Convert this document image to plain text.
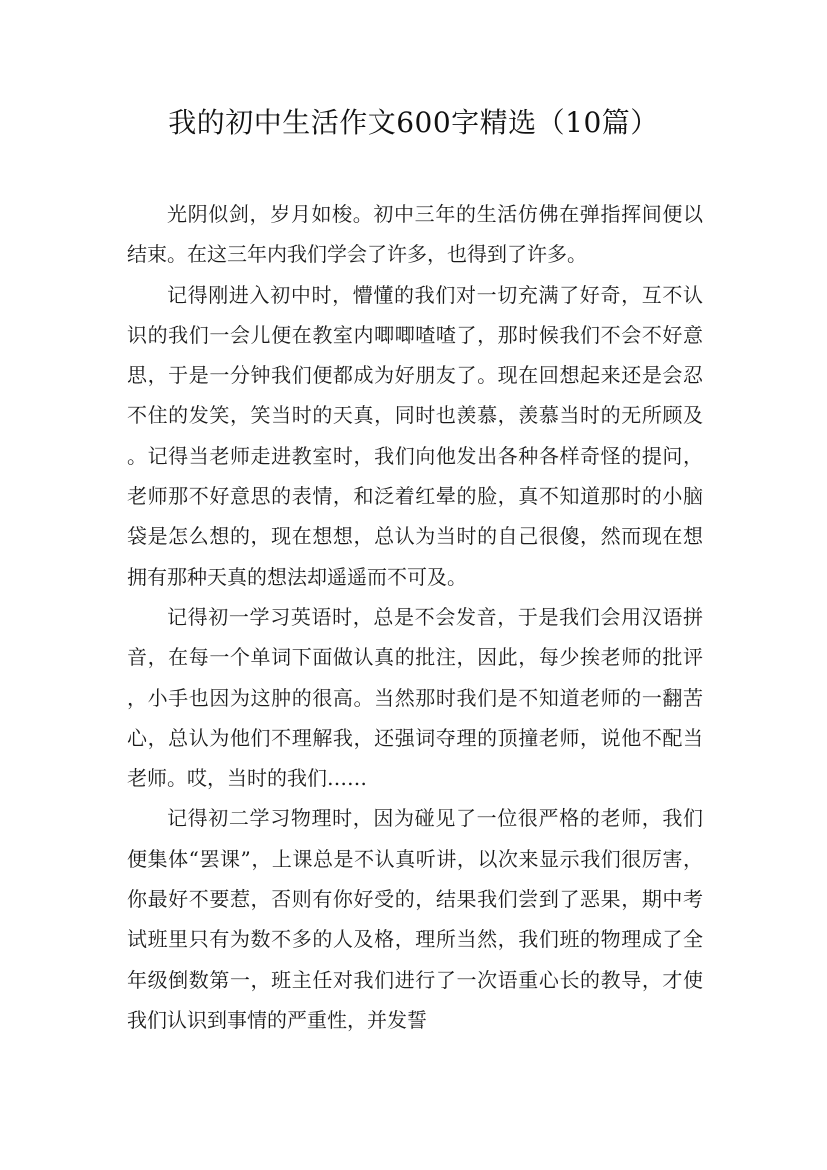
我的初中生活作文600字精选（10篇）

光阴似剑，岁月如梭。初中三年的生活仿佛在弹指挥间便以结束。在这三年内我们学会了许多，也得到了许多。

记得刚进入初中时，懵懂的我们对一切充满了好奇，互不认识的我们一会儿便在教室内唧唧喳喳了，那时候我们不会不好意思，于是一分钟我们便都成为好朋友了。现在回想起来还是会忍不住的发笑，笑当时的天真，同时也羡慕，羡慕当时的无所顾及。记得当老师走进教室时，我们向他发出各种各样奇怪的提问，老师那不好意思的表情，和泛着红晕的脸，真不知道那时的小脑袋是怎么想的，现在想想，总认为当时的自己很傻，然而现在想拥有那种天真的想法却遥遥而不可及。

记得初一学习英语时，总是不会发音，于是我们会用汉语拼音，在每一个单词下面做认真的批注，因此，每少挨老师的批评，小手也因为这肿的很高。当然那时我们是不知道老师的一翻苦心，总认为他们不理解我，还强词夺理的顶撞老师，说他不配当老师。哎，当时的我们……

记得初二学习物理时，因为碰见了一位很严格的老师，我们便集体“罢课”，上课总是不认真听讲，以次来显示我们很厉害，你最好不要惹，否则有你好受的，结果我们尝到了恶果，期中考试班里只有为数不多的人及格，理所当然，我们班的物理成了全年级倒数第一，班主任对我们进行了一次语重心长的教导，才使我们认识到事情的严重性，并发誓
